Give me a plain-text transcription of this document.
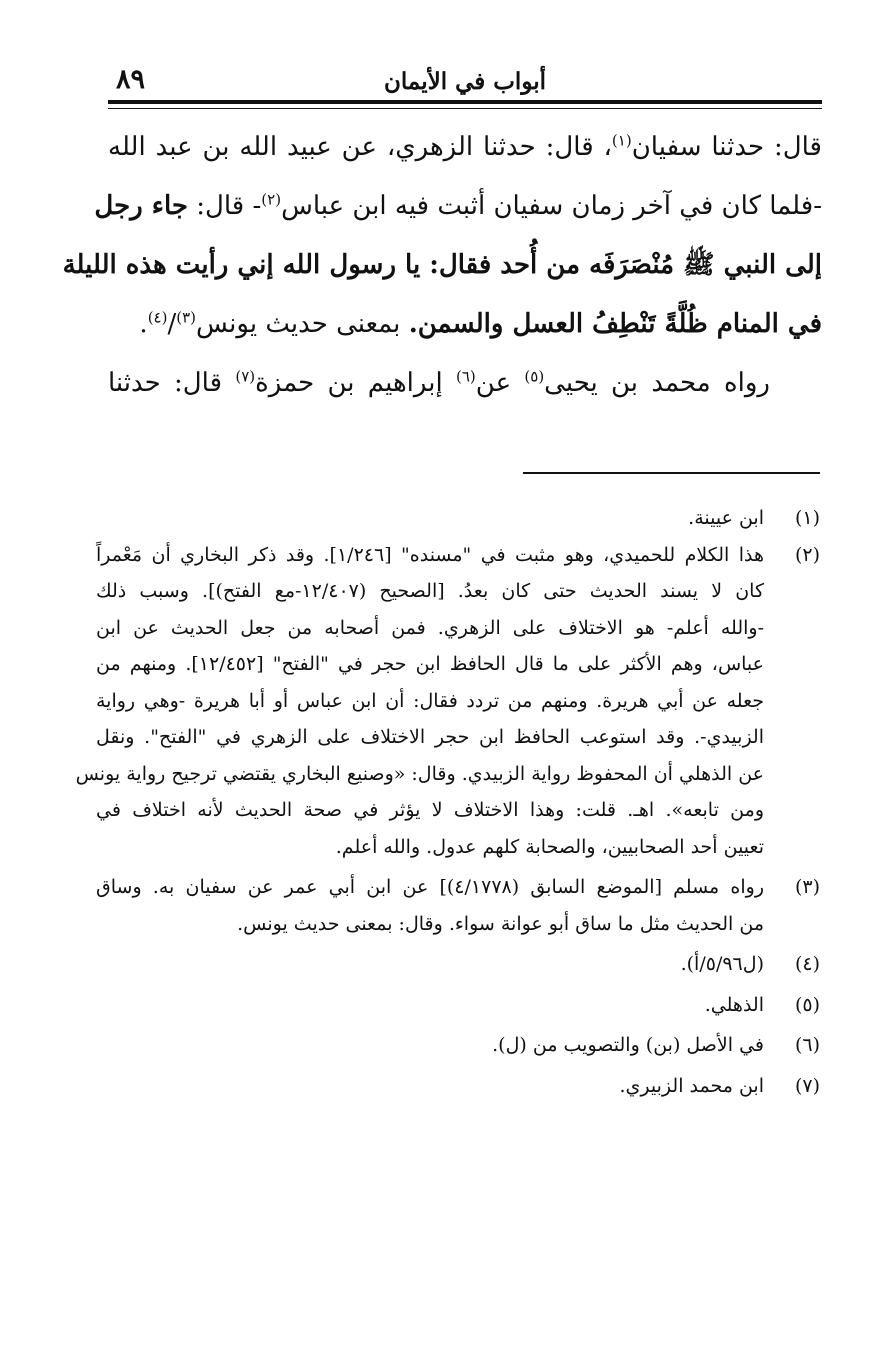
٨٩	أبواب في الأيمان
قال: حدثنا سفيان$^{(١)}$، قال: حدثنا الزهري، عن عبيد الله بن عبد الله
-فلما كان في آخر زمان سفيان أثبت فيه ابن عباس$^{(٢)}$- قال: جاء رجل
إلى النبي ﷺ مُنْصَرَفَه من أُحد فقال: يا رسول الله إني رأيت هذه الليلة
في المنام ظُلَّةً تَنْطِفُ العسل والسمن. بمعنى حديث يونس$^{(٣)}$/$^{(٤)}$.
رواه محمد بن يحيى$^{(٥)}$ عن$^{(٦)}$ إبراهيم بن حمزة$^{(٧)}$ قال: حدثنا
(١)
ابن عيينة.
(٢)
هذا الكلام للحميدي، وهو مثبت في "مسنده" [١/٢٤٦]. وقد ذكر البخاري أن مَعْمراً
كان لا يسند الحديث حتى كان بعدُ. [الصحيح (١٢/٤٠٧-مع الفتح)]. وسبب ذلك
-والله أعلم- هو الاختلاف على الزهري. فمن أصحابه من جعل الحديث عن ابن
عباس، وهم الأكثر على ما قال الحافظ ابن حجر في "الفتح" [١٢/٤٥٢]. ومنهم من
جعله عن أبي هريرة. ومنهم من تردد فقال: أن ابن عباس أو أبا هريرة -وهي رواية
الزبيدي-. وقد استوعب الحافظ ابن حجر الاختلاف على الزهري في "الفتح". ونقل
عن الذهلي أن المحفوظ رواية الزبيدي. وقال: «وصنيع البخاري يقتضي ترجيح رواية يونس
ومن تابعه». اهـ. قلت: وهذا الاختلاف لا يؤثر في صحة الحديث لأنه اختلاف في
تعيين أحد الصحابيين، والصحابة كلهم عدول. والله أعلم.
(٣)
رواه مسلم [الموضع السابق (٤/١٧٧٨)] عن ابن أبي عمر عن سفيان به. وساق
من الحديث مثل ما ساق أبو عوانة سواء. وقال: بمعنى حديث يونس.
(٤)
(ل٥/٩٦/أ).
(٥)
الذهلي.
(٦)
في الأصل (بن) والتصويب من (ل).
(٧)
ابن محمد الزبيري.
